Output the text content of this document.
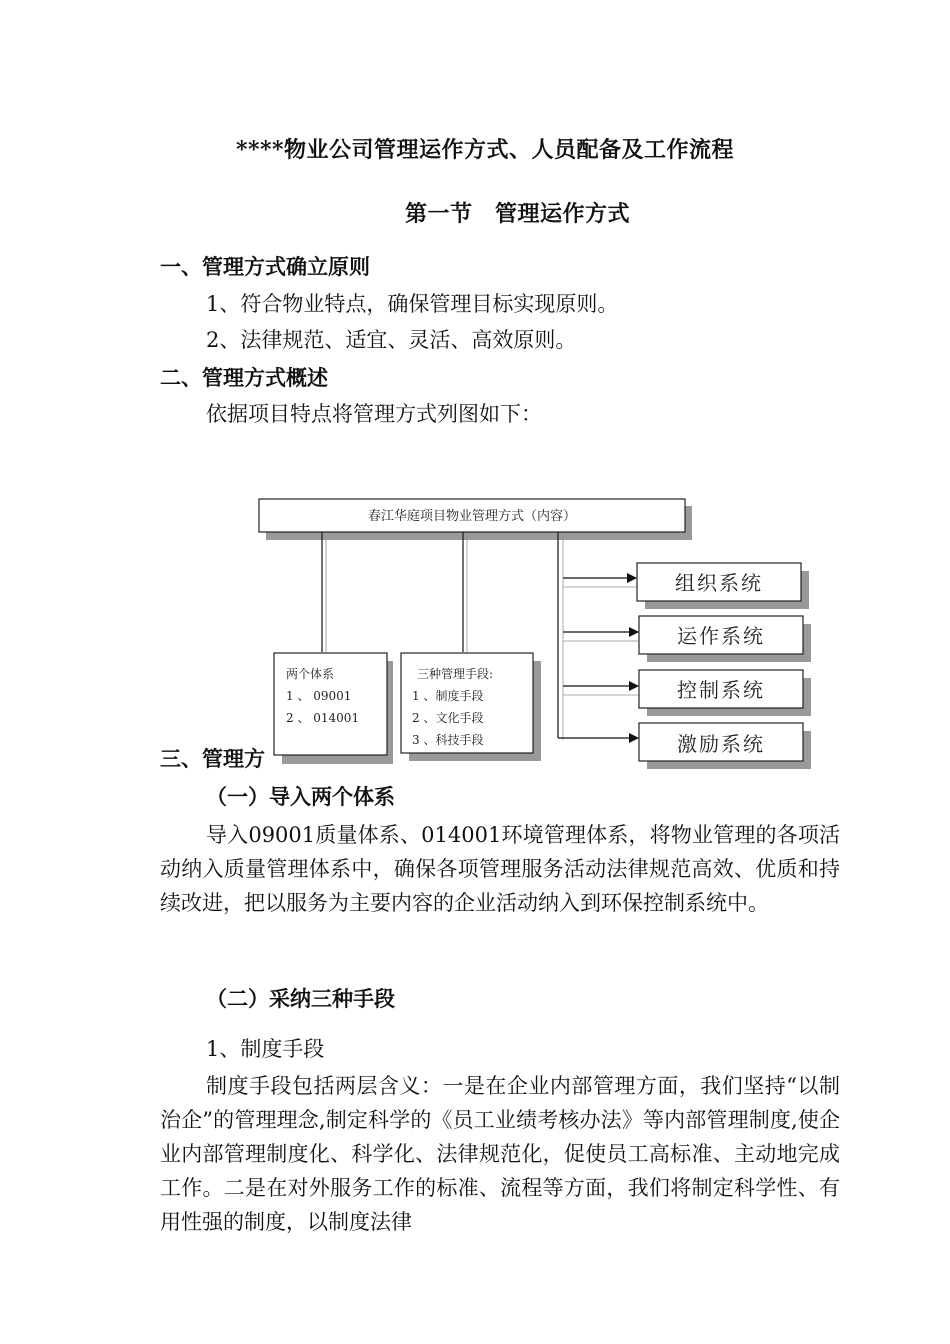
****物业公司管理运作方式、人员配备及工作流程
第一节　管理运作方式
一、管理方式确立原则
1、符合物业特点，确保管理目标实现原则。
2、法律规范、适宜、灵活、高效原则。
二、管理方式概述
依据项目特点将管理方式列图如下：
三、管理方
春江华庭项目物业管理方式（内容）
组织系统
运作系统
控制系统
激励系统
两个体系
1 、 09001
2 、 014001
三种管理手段:
1 、制度手段
2 、文化手段
3 、科技手段
（一）导入两个体系
导入09001质量体系、014001环境管理体系，将物业管理的各项活动纳入质量管理体系中，确保各项管理服务活动法律规范高效、优质和持续改进，把以服务为主要内容的企业活动纳入到环保控制系统中。
（二）采纳三种手段
1、制度手段
制度手段包括两层含义：一是在企业内部管理方面，我们坚持“以制治企”的管理理念,制定科学的《员工业绩考核办法》等内部管理制度,使企业内部管理制度化、科学化、法律规范化，促使员工高标准、主动地完成工作。二是在对外服务工作的标准、流程等方面，我们将制定科学性、有用性强的制度，以制度法律
